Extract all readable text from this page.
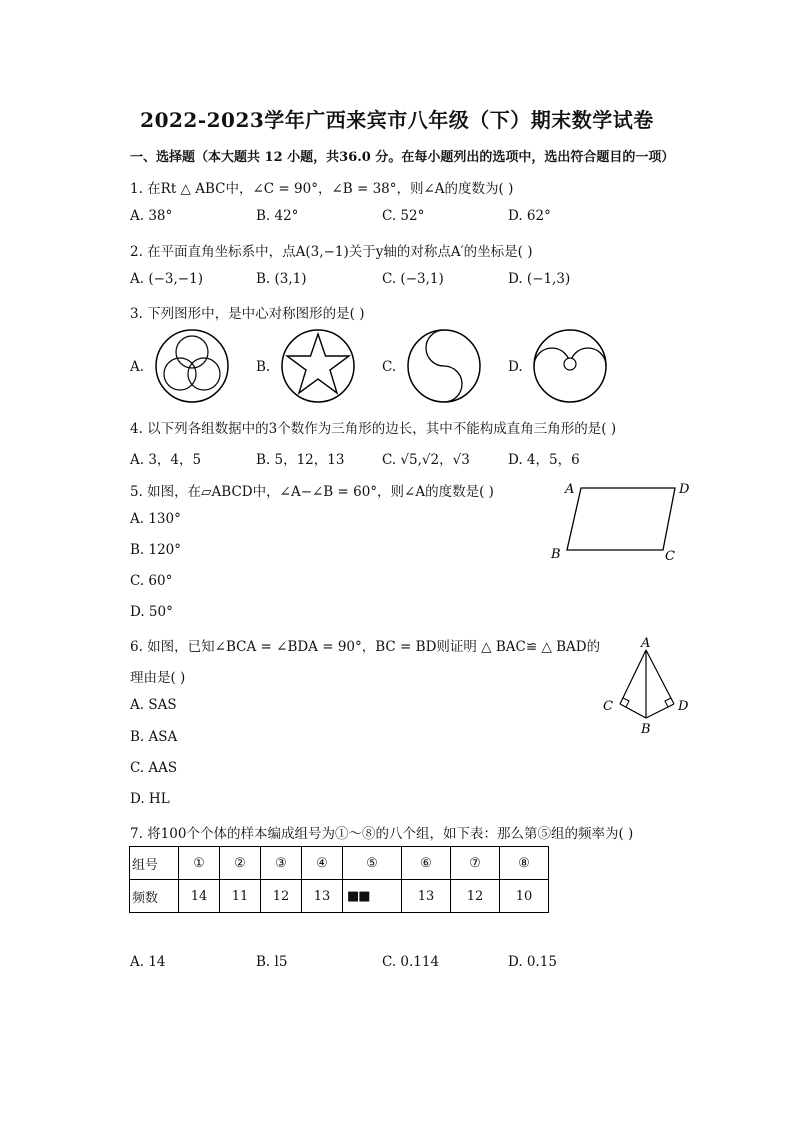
2022-2023学年广西来宾市八年级（下）期末数学试卷
一、选择题（本大题共 12 小题，共36.0 分。在每小题列出的选项中，选出符合题目的一项）
1. 在Rt △ ABC中，∠C = 90°，∠B = 38°，则∠A的度数为( )
A. 38°	B. 42°	C. 52°	D. 62°
2. 在平面直角坐标系中，点A(3,−1)关于y轴的对称点A′的坐标是( )
A. (−3,−1)	B. (3,1)	C. (−3,1)	D. (−1,3)
3. 下列图形中，是中心对称图形的是( )
A.	B.	C.	D.
4. 以下列各组数据中的3个数作为三角形的边长，其中不能构成直角三角形的是( )
A. 3，4，5	B. 5，12，13	C. √5,√2，√3	D. 4，5，6
5. 如图，在▱ABCD中，∠A−∠B = 60°，则∠A的度数是( )
A. 130°
B. 120°
C. 60°
D. 50°
A	D
B	C
6. 如图，已知∠BCA = ∠BDA = 90°，BC = BD则证明 △ BAC≌ △ BAD的
理由是( )
A. SAS
B. ASA
C. AAS
D. HL
A
C	D
B
7. 将100个个体的样本编成组号为①～⑧的八个组，如下表：那么第⑤组的频率为( )
组号	①	②	③	④	⑤	⑥	⑦	⑧
频数	14	11	12	13	■■	13	12	10
A. 14	B. l5	C. 0.114	D. 0.15
